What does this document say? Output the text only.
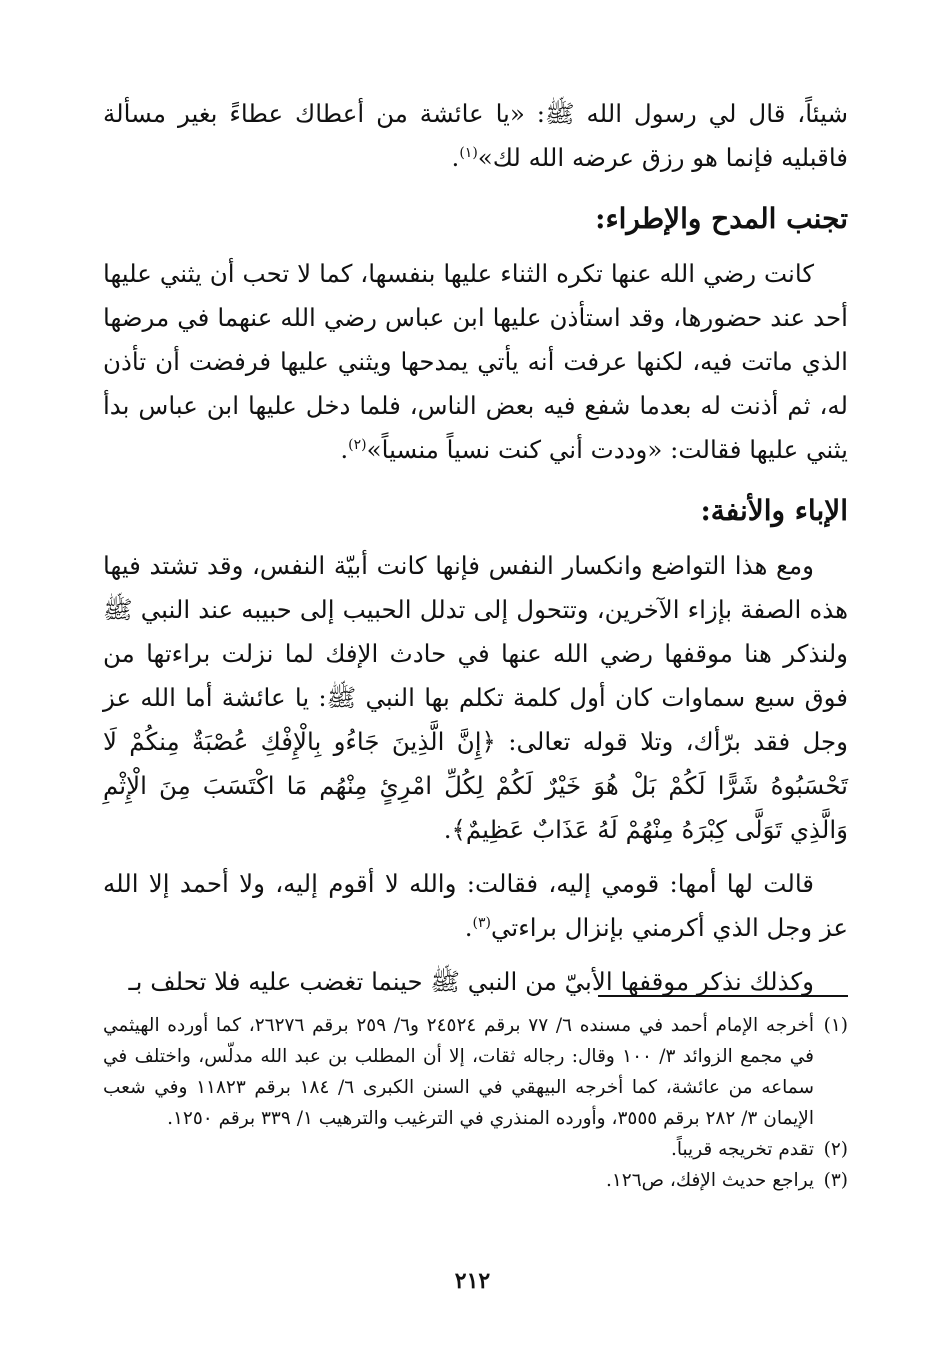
شيئاً، قال لي رسول الله ﷺ: «يا عائشة من أعطاك عطاءً بغير مسألة فاقبليه فإنما هو رزق عرضه الله لك»$^{(١)}$.

تجنب المدح والإطراء:

كانت رضي الله عنها تكره الثناء عليها بنفسها، كما لا تحب أن يثني عليها أحد عند حضورها، وقد استأذن عليها ابن عباس رضي الله عنهما في مرضها الذي ماتت فيه، لكنها عرفت أنه يأتي يمدحها ويثني عليها فرفضت أن تأذن له، ثم أذنت له بعدما شفع فيه بعض الناس، فلما دخل عليها ابن عباس بدأ يثني عليها فقالت: «وددت أني كنت نسياً منسياً»$^{(٢)}$.

الإباء والأنفة:

ومع هذا التواضع وانكسار النفس فإنها كانت أبيّة النفس، وقد تشتد فيها هذه الصفة بإزاء الآخرين، وتتحول إلى تدلل الحبيب إلى حبيبه عند النبي ﷺ ولنذكر هنا موقفها رضي الله عنها في حادث الإفك لما نزلت براءتها من فوق سبع سماوات كان أول كلمة تكلم بها النبي ﷺ: يا عائشة أما الله عز وجل فقد برّأك، وتلا قوله تعالى: ﴿إِنَّ الَّذِينَ جَاءُو بِالْإِفْكِ عُصْبَةٌ مِنكُمْ لَا تَحْسَبُوهُ شَرًّا لَكُمْ بَلْ هُوَ خَيْرٌ لَكُمْ لِكُلِّ امْرِئٍ مِنْهُم مَا اكْتَسَبَ مِنَ الْإِثْمِ وَالَّذِي تَوَلَّى كِبْرَهُ مِنْهُمْ لَهُ عَذَابٌ عَظِيمٌ﴾.

قالت لها أمها: قومي إليه، فقالت: والله لا أقوم إليه، ولا أحمد إلا الله عز وجل الذي أكرمني بإنزال براءتي$^{(٣)}$.

وكذلك نذكر موقفها الأبيّ من النبي ﷺ حينما تغضب عليه فلا تحلف بـ

(١)
أخرجه الإمام أحمد في مسنده ٦/ ٧٧ برقم ٢٤٥٢٤ و٦/ ٢٥٩ برقم ٢٦٢٧٦، كما أورده الهيثمي في مجمع الزوائد ٣/ ١٠٠ وقال: رجاله ثقات، إلا أن المطلب بن عبد الله مدلّس، واختلف في سماعه من عائشة، كما أخرجه البيهقي في السنن الكبرى ٦/ ١٨٤ برقم ١١٨٢٣ وفي شعب الإيمان ٣/ ٢٨٢ برقم ٣٥٥٥، وأورده المنذري في الترغيب والترهيب ١/ ٣٣٩ برقم ١٢٥٠.
(٢)
تقدم تخريجه قريباً.
(٣)
يراجع حديث الإفك، ص١٢٦.
٢١٢
